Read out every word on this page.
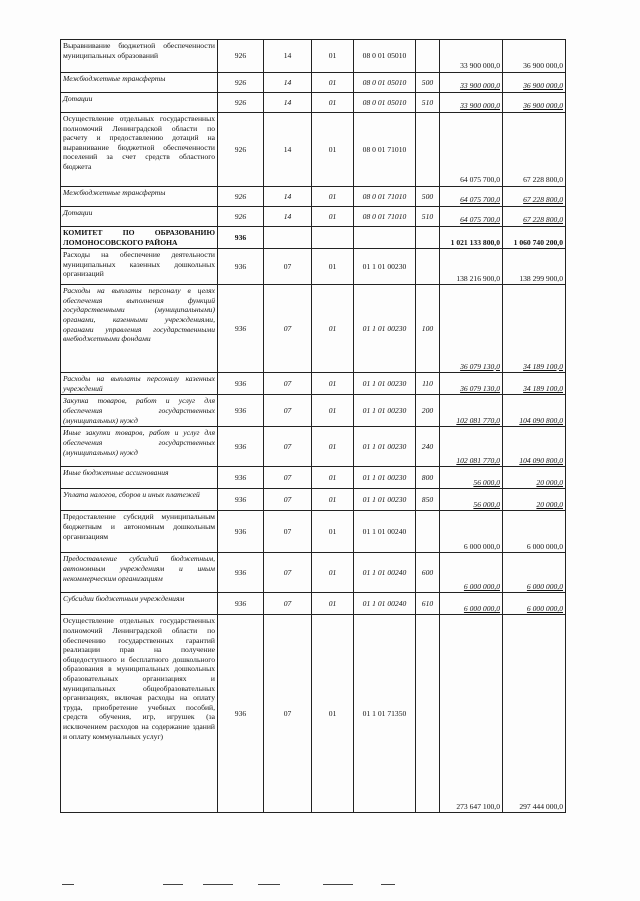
Выравнивание бюджетной обеспеченности муниципальных образований	926	14	01	08 0 01 05010		33 900 000,0	36 900 000,0
Межбюджетные трансферты	926	14	01	08 0 01 05010	500	33 900 000,0	36 900 000,0
Дотации	926	14	01	08 0 01 05010	510	33 900 000,0	36 900 000,0
Осуществление отдельных государственных полномочий Ленинградской области по расчету и предоставлению дотаций на выравнивание бюджетной обеспеченности поселений за счет средств областного бюджета	926	14	01	08 0 01 71010		64 075 700,0	67 228 800,0
Межбюджетные трансферты	926	14	01	08 0 01 71010	500	64 075 700,0	67 228 800,0
Дотации	926	14	01	08 0 01 71010	510	64 075 700,0	67 228 800,0
КОМИТЕТ ПО ОБРАЗОВАНИЮ ЛОМОНОСОВСКОГО РАЙОНА	936					1 021 133 800,0	1 060 740 200,0
Расходы на обеспечение деятельности муниципальных казенных дошкольных организаций	936	07	01	01 1 01 00230		138 216 900,0	138 299 900,0
Расходы на выплаты персоналу в целях обеспечения выполнения функций государственными (муниципальными) органами, казенными учреждениями, органами управления государственными внебюджетными фондами	936	07	01	01 1 01 00230	100	36 079 130,0	34 189 100,0
Расходы на выплаты персоналу казенных учреждений	936	07	01	01 1 01 00230	110	36 079 130,0	34 189 100,0
Закупка товаров, работ и услуг для обеспечения государственных (муниципальных) нужд	936	07	01	01 1 01 00230	200	102 081 770,0	104 090 800,0
Иные закупки товаров, работ и услуг для обеспечения государственных (муниципальных) нужд	936	07	01	01 1 01 00230	240	102 081 770,0	104 090 800,0
Иные бюджетные ассигнования	936	07	01	01 1 01 00230	800	56 000,0	20 000,0
Уплата налогов, сборов и иных платежей	936	07	01	01 1 01 00230	850	56 000,0	20 000,0
Предоставление субсидий муниципальным бюджетным и автономным дошкольным организациям	936	07	01	01 1 01 00240		6 000 000,0	6 000 000,0
Предоставление субсидий бюджетным, автономным учреждениям и иным некоммерческим организациям	936	07	01	01 1 01 00240	600	6 000 000,0	6 000 000,0
Субсидии бюджетным учреждениям	936	07	01	01 1 01 00240	610	6 000 000,0	6 000 000,0
Осуществление отдельных государственных полномочий Ленинградской области по обеспечению государственных гарантий реализации прав на получение общедоступного и бесплатного дошкольного образования в муниципальных дошкольных образовательных организациях и муниципальных общеобразовательных организациях, включая расходы на оплату труда, приобретение учебных пособий, средств обучения, игр, игрушек (за исключением расходов на содержание зданий и оплату коммунальных услуг)	936	07	01	01 1 01 71350		273 647 100,0	297 444 000,0
